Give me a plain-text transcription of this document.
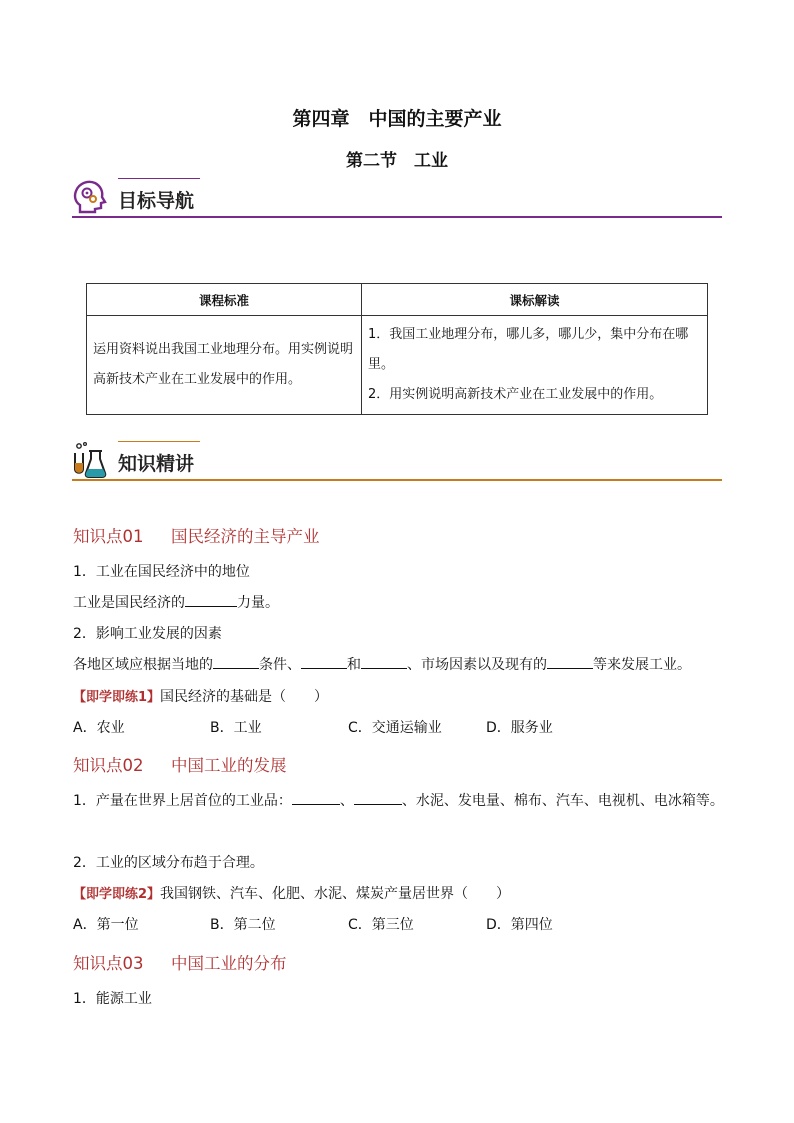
第四章　中国的主要产业
第二节　工业
目标导航
课程标准	课标解读
运用资料说出我国工业地理分布。用实例说明高新技术产业在工业发展中的作用。	1．我国工业地理分布，哪儿多，哪儿少，集中分布在哪里。
2．用实例说明高新技术产业在工业发展中的作用。
知识精讲
知识点01 国民经济的主导产业
1．工业在国民经济中的地位
工业是国民经济的	力量。
2．影响工业发展的因素
各地区域应根据当地的	条件、	和	、市场因素以及现有的	等来发展工业。
【即学即练1】国民经济的基础是（　　）
A．农业	B．工业	C．交通运输业	D．服务业
知识点02 中国工业的发展
1．产量在世界上居首位的工业品：	、	、水泥、发电量、棉布、汽车、电视机、电冰箱等。
2．工业的区域分布趋于合理。
【即学即练2】我国钢铁、汽车、化肥、水泥、煤炭产量居世界（　　）
A．第一位	B．第二位	C．第三位	D．第四位
知识点03 中国工业的分布
1．能源工业
